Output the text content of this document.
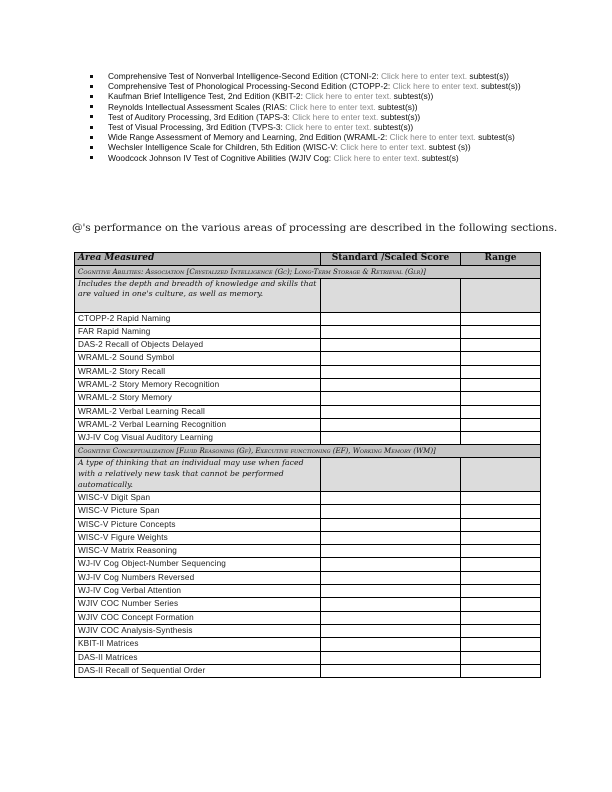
Comprehensive Test of Nonverbal Intelligence-Second Edition (CTONI-2: Click here to enter text. subtest(s))
Comprehensive Test of Phonological Processing-Second Edition (CTOPP-2: Click here to enter text. subtest(s))
Kaufman Brief Intelligence Test, 2nd Edition (KBIT-2: Click here to enter text. subtest(s))
Reynolds Intellectual Assessment Scales (RIAS: Click here to enter text. subtest(s))
Test of Auditory Processing, 3rd Edition (TAPS-3: Click here to enter text. subtest(s))
Test of Visual Processing, 3rd Edition (TVPS-3: Click here to enter text. subtest(s))
Wide Range Assessment of Memory and Learning, 2nd Edition (WRAML-2: Click here to enter text. subtest(s)
Wechsler Intelligence Scale for Children, 5th Edition (WISC-V: Click here to enter text. subtest (s))
Woodcock Johnson IV Test of Cognitive Abilities (WJIV Cog: Click here to enter text. subtest(s)
@'s performance on the various areas of processing are described in the following sections.
Area Measured	Standard /Scaled Score	Range
Cognitive Abilities: Association [Crystalized Intelligence (Gc); Long-Term Storage & Retrieval (Glr)]		
Includes the depth and breadth of knowledge and skills that are valued in one's culture, as well as memory.		
CTOPP-2 Rapid Naming		
FAR Rapid Naming		
DAS-2 Recall of Objects Delayed		
WRAML-2 Sound Symbol		
WRAML-2 Story Recall		
WRAML-2 Story Memory Recognition		
WRAML-2 Story Memory		
WRAML-2 Verbal Learning Recall		
WRAML-2 Verbal Learning Recognition		
WJ-IV Cog Visual Auditory Learning		
Cognitive Conceptualization [Fluid Reasoning (Gf), Executive functioning (EF), Working Memory (WM)]		
A type of thinking that an individual may use when faced with a relatively new task that cannot be performed automatically.		
WISC-V Digit Span		
WISC-V Picture Span		
WISC-V Picture Concepts		
WISC-V Figure Weights		
WISC-V Matrix Reasoning		
WJ-IV Cog Object-Number Sequencing		
WJ-IV Cog Numbers Reversed		
WJ-IV Cog Verbal Attention		
WJIV COC Number Series		
WJIV COC Concept Formation		
WJIV COC Analysis-Synthesis		
KBIT-II Matrices		
DAS-II Matrices		
DAS-II Recall of Sequential Order		
